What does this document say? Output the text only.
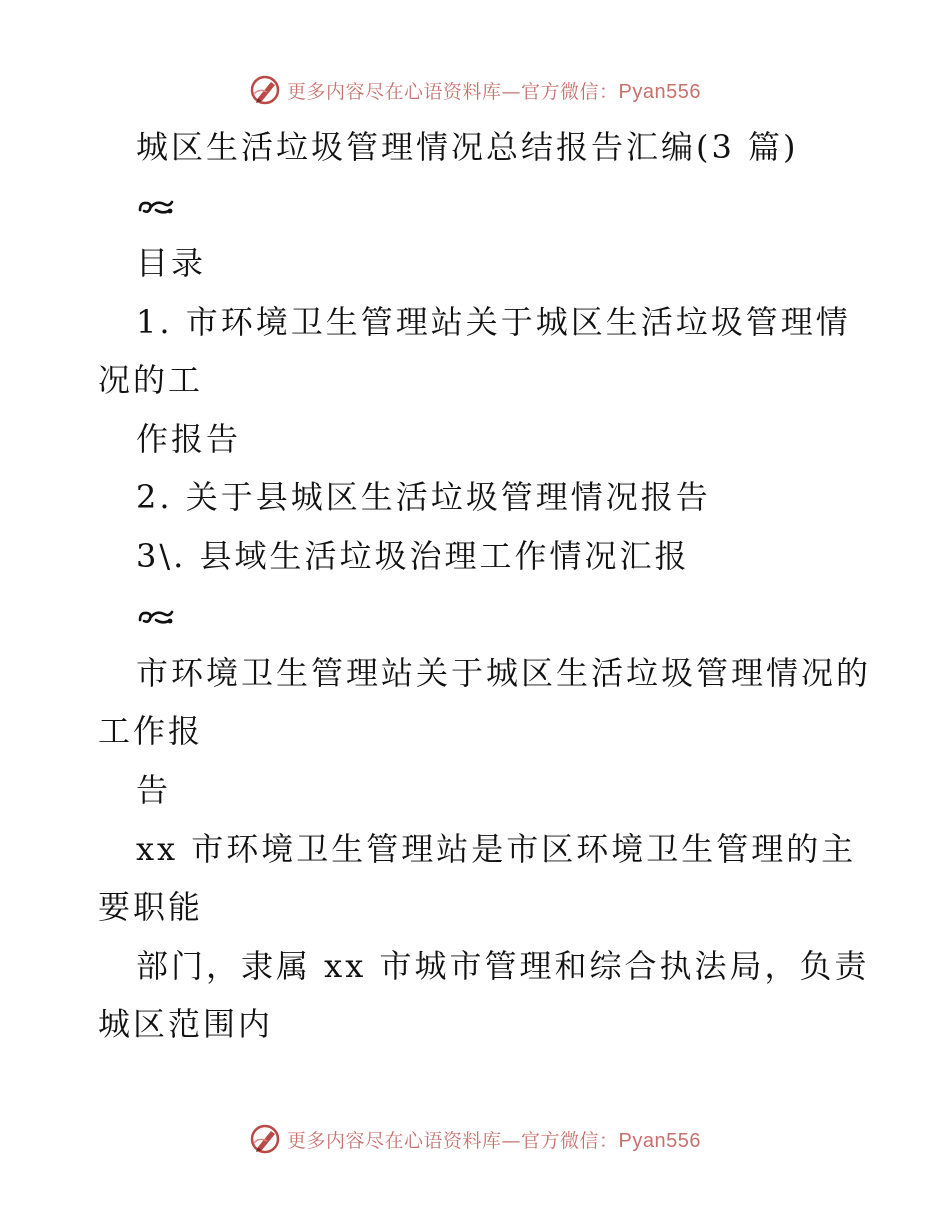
更多内容尽在心语资料库—官方微信：Pyan556
城区生活垃圾管理情况总结报告汇编(3 篇)
目录
1. 市环境卫生管理站关于城区生活垃圾管理情
况的工
作报告
2. 关于县城区生活垃圾管理情况报告
3\. 县域生活垃圾治理工作情况汇报
市环境卫生管理站关于城区生活垃圾管理情况的
工作报
告
xx 市环境卫生管理站是市区环境卫生管理的主
要职能
部门，隶属 xx 市城市管理和综合执法局，负责
城区范围内
更多内容尽在心语资料库—官方微信：Pyan556
